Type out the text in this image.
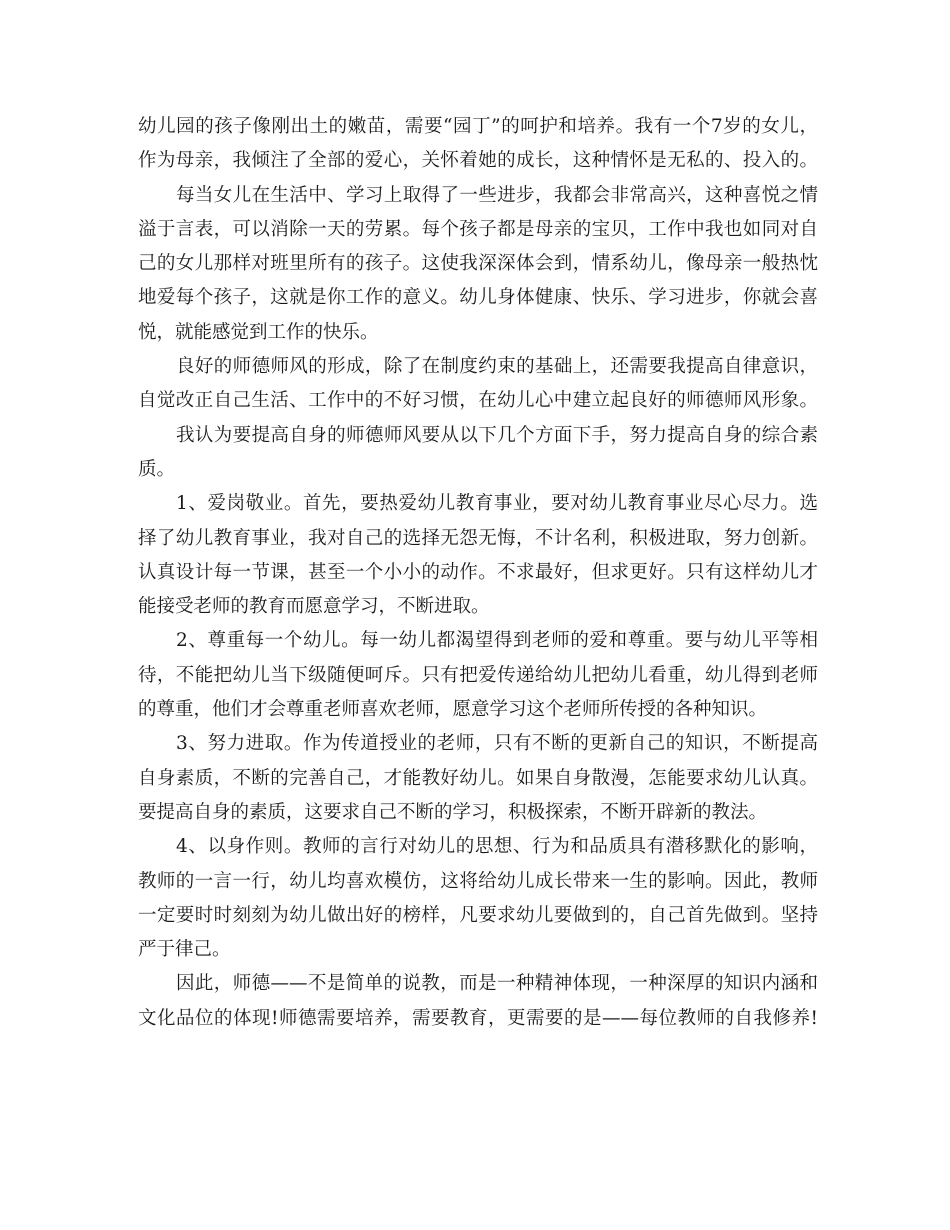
幼儿园的孩子像刚出土的嫩苗，需要“园丁”的呵护和培养。我有一个7岁的女儿，
作为母亲，我倾注了全部的爱心，关怀着她的成长，这种情怀是无私的、投入的。
每当女儿在生活中、学习上取得了一些进步，我都会非常高兴，这种喜悦之情
溢于言表，可以消除一天的劳累。每个孩子都是母亲的宝贝，工作中我也如同对自
己的女儿那样对班里所有的孩子。这使我深深体会到，情系幼儿，像母亲一般热忱
地爱每个孩子，这就是你工作的意义。幼儿身体健康、快乐、学习进步，你就会喜
悦，就能感觉到工作的快乐。
良好的师德师风的形成，除了在制度约束的基础上，还需要我提高自律意识，
自觉改正自己生活、工作中的不好习惯，在幼儿心中建立起良好的师德师风形象。
我认为要提高自身的师德师风要从以下几个方面下手，努力提高自身的综合素
质。
1、爱岗敬业。首先，要热爱幼儿教育事业，要对幼儿教育事业尽心尽力。选
择了幼儿教育事业，我对自己的选择无怨无悔，不计名利，积极进取，努力创新。
认真设计每一节课，甚至一个小小的动作。不求最好，但求更好。只有这样幼儿才
能接受老师的教育而愿意学习，不断进取。
2、尊重每一个幼儿。每一幼儿都渴望得到老师的爱和尊重。要与幼儿平等相
待，不能把幼儿当下级随便呵斥。只有把爱传递给幼儿把幼儿看重，幼儿得到老师
的尊重，他们才会尊重老师喜欢老师，愿意学习这个老师所传授的各种知识。
3、努力进取。作为传道授业的老师，只有不断的更新自己的知识，不断提高
自身素质，不断的完善自己，才能教好幼儿。如果自身散漫，怎能要求幼儿认真。
要提高自身的素质，这要求自己不断的学习，积极探索，不断开辟新的教法。
4、以身作则。教师的言行对幼儿的思想、行为和品质具有潜移默化的影响，
教师的一言一行，幼儿均喜欢模仿，这将给幼儿成长带来一生的影响。因此，教师
一定要时时刻刻为幼儿做出好的榜样，凡要求幼儿要做到的，自己首先做到。坚持
严于律己。
因此，师德——不是简单的说教，而是一种精神体现，一种深厚的知识内涵和
文化品位的体现!师德需要培养，需要教育，更需要的是——每位教师的自我修养!
